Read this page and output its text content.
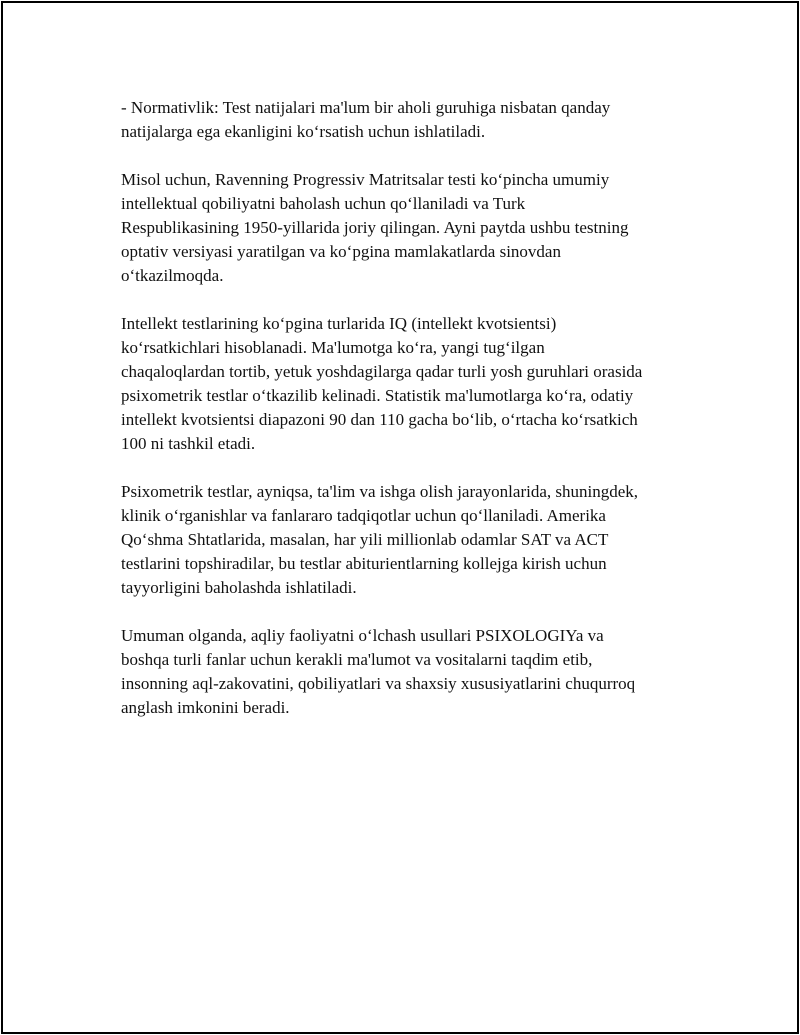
- Normativlik: Test natijalari ma'lum bir aholi guruhiga nisbatan qanday
natijalarga ega ekanligini ko‘rsatish uchun ishlatiladi.

Misol uchun, Ravenning Progressiv Matritsalar testi ko‘pincha umumiy
intellektual qobiliyatni baholash uchun qo‘llaniladi va Turk
Respublikasining 1950-yillarida joriy qilingan. Ayni paytda ushbu testning
optativ versiyasi yaratilgan va ko‘pgina mamlakatlarda sinovdan
o‘tkazilmoqda.

Intellekt testlarining ko‘pgina turlarida IQ (intellekt kvotsientsi)
ko‘rsatkichlari hisoblanadi. Ma'lumotga ko‘ra, yangi tug‘ilgan
chaqaloqlardan tortib, yetuk yoshdagilarga qadar turli yosh guruhlari orasida
psixometrik testlar o‘tkazilib kelinadi. Statistik ma'lumotlarga ko‘ra, odatiy
intellekt kvotsientsi diapazoni 90 dan 110 gacha bo‘lib, o‘rtacha ko‘rsatkich
100 ni tashkil etadi.

Psixometrik testlar, ayniqsa, ta'lim va ishga olish jarayonlarida, shuningdek,
klinik o‘rganishlar va fanlararo tadqiqotlar uchun qo‘llaniladi. Amerika
Qo‘shma Shtatlarida, masalan, har yili millionlab odamlar SAT va ACT
testlarini topshiradilar, bu testlar abiturientlarning kollejga kirish uchun
tayyorligini baholashda ishlatiladi.

Umuman olganda, aqliy faoliyatni o‘lchash usullari PSIXOLOGIYa va
boshqa turli fanlar uchun kerakli ma'lumot va vositalarni taqdim etib,
insonning aql-zakovatini, qobiliyatlari va shaxsiy xususiyatlarini chuqurroq
anglash imkonini beradi.
